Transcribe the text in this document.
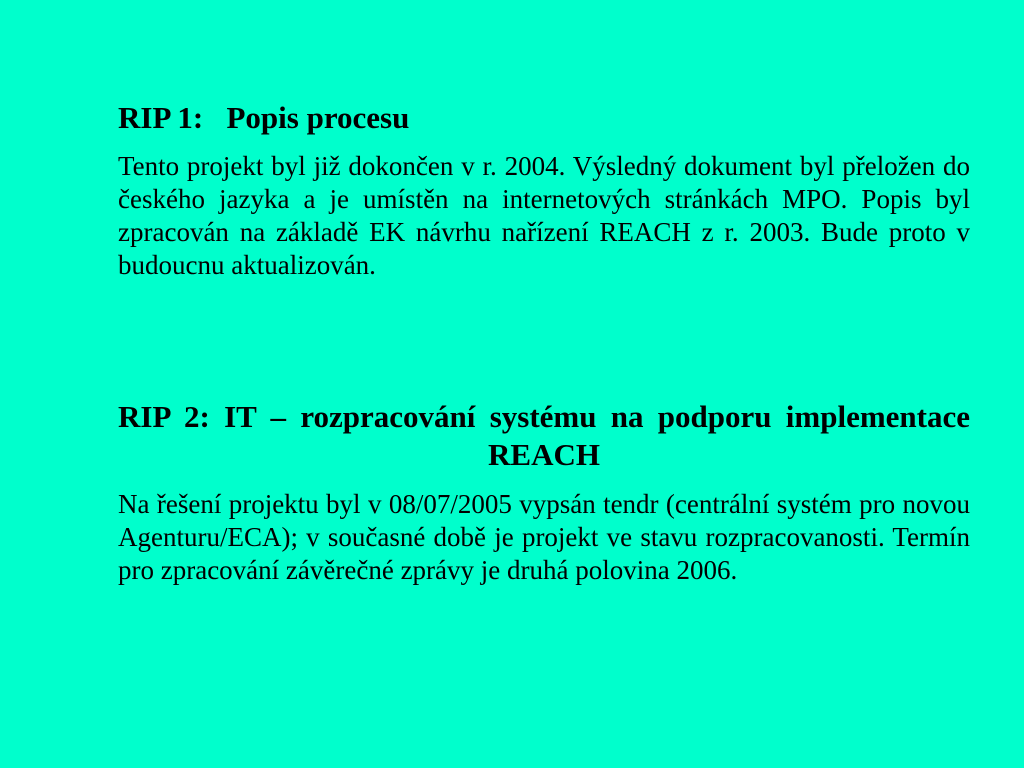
RIP 1:   Popis procesu
Tento projekt byl již dokončen v r. 2004. Výsledný dokument byl přeložen do českého jazyka a je umístěn na internetových stránkách MPO. Popis byl zpracován na základě EK návrhu nařízení REACH z r. 2003. Bude proto v budoucnu aktualizován.
RIP 2: IT – rozpracování systému na podporu implementace REACH
Na řešení projektu byl v 08/07/2005 vypsán tendr (centrální systém pro novou Agenturu/ECA); v současné době je projekt ve stavu rozpracovanosti. Termín pro zpracování závěrečné zprávy je druhá polovina 2006.
